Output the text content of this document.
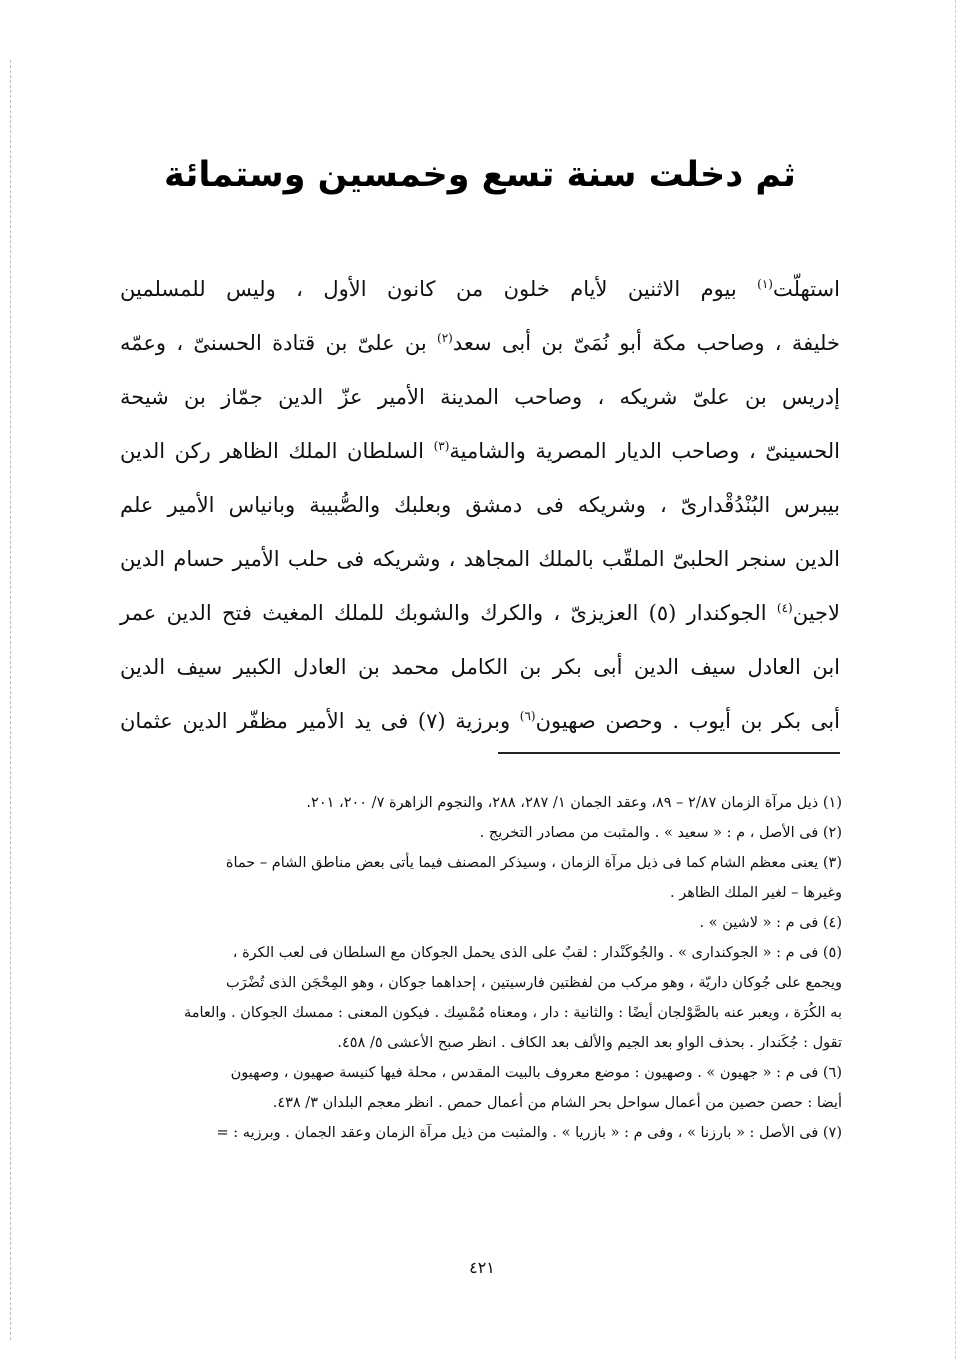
ثم دخلت سنة تسع وخمسين وستمائة
استهلّت$^{(١)}$ بيوم الاثنين لأيام خلون من كانون الأول ، وليس للمسلمين
خليفة ، وصاحب مكة أبو نُمَىّ بن أبى سعد$^{(٢)}$ بن علىّ بن قتادة الحسنىّ ، وعمّه
إدريس بن علىّ شريكه ، وصاحب المدينة الأمير عزّ الدين جمّاز بن شيحة
الحسينىّ ، وصاحب الديار المصرية والشامية$^{(٣)}$ السلطان الملك الظاهر ركن الدين
بيبرس البُنْدُقْدارىّ ، وشريكه فى دمشق وبعلبك والصُّبيبة وبانياس الأمير علم
الدين سنجر الحلبىّ الملقّب بالملك المجاهد ، وشريكه فى حلب الأمير حسام الدين
لاجين$^{(٤)}$ الجوكندار (٥) العزيزىّ ، والكرك والشوبك للملك المغيث فتح الدين عمر
ابن العادل سيف الدين أبى بكر بن الكامل محمد بن العادل الكبير سيف الدين
أبى بكر بن أيوب . وحصن صهيون$^{(٦)}$ وبرزية (٧) فى يد الأمير مظفّر الدين عثمان
(١) ذيل مرآة الزمان ٢/٨٧ – ٨٩، وعقد الجمان ١/ ٢٨٧، ٢٨٨، والنجوم الزاهرة ٧/ ٢٠٠، ٢٠١.
(٢) فى الأصل ، م : « سعيد » . والمثبت من مصادر التخريج .
(٣) يعنى معظم الشام كما فى ذيل مرآة الزمان ، وسيذكر المصنف فيما يأتى بعض مناطق الشام – حماة
وغيرها – لغير الملك الظاهر .
(٤) فى م : « لاشين » .
(٥) فى م : « الجوكندارى » . والجُوكَنْدار : لقبٌ على الذى يحمل الجوكان مع السلطان فى لعب الكرة ،
ويجمع على جُوكان داريّة ، وهو مركب من لفظتين فارسيتين ، إحداهما جوكان ، وهو المِحْجَن الذى تُضْرَب
به الكُرَة ، ويعبر عنه بالصَّوْلجان أيضًا : والثانية : دار ، ومعناه مُمْسِك . فيكون المعنى : ممسك الجوكان . والعامة
تقول : جُكَندار . بحذف الواو بعد الجيم والألف بعد الكاف . انظر صبح الأعشى ٥/ ٤٥٨.
(٦) فى م : « جهيون » . وصهيون : موضع معروف بالبيت المقدس ، محلة فيها كنيسة صهيون ، وصهيون
أيضا : حصن حصين من أعمال سواحل بحر الشام من أعمال حمص . انظر معجم البلدان ٣/ ٤٣٨.
(٧) فى الأصل : « بارزنا » ، وفى م : « بازريا » . والمثبت من ذيل مرآة الزمان وعقد الجمان . وبرزيه : =
٤٢١
